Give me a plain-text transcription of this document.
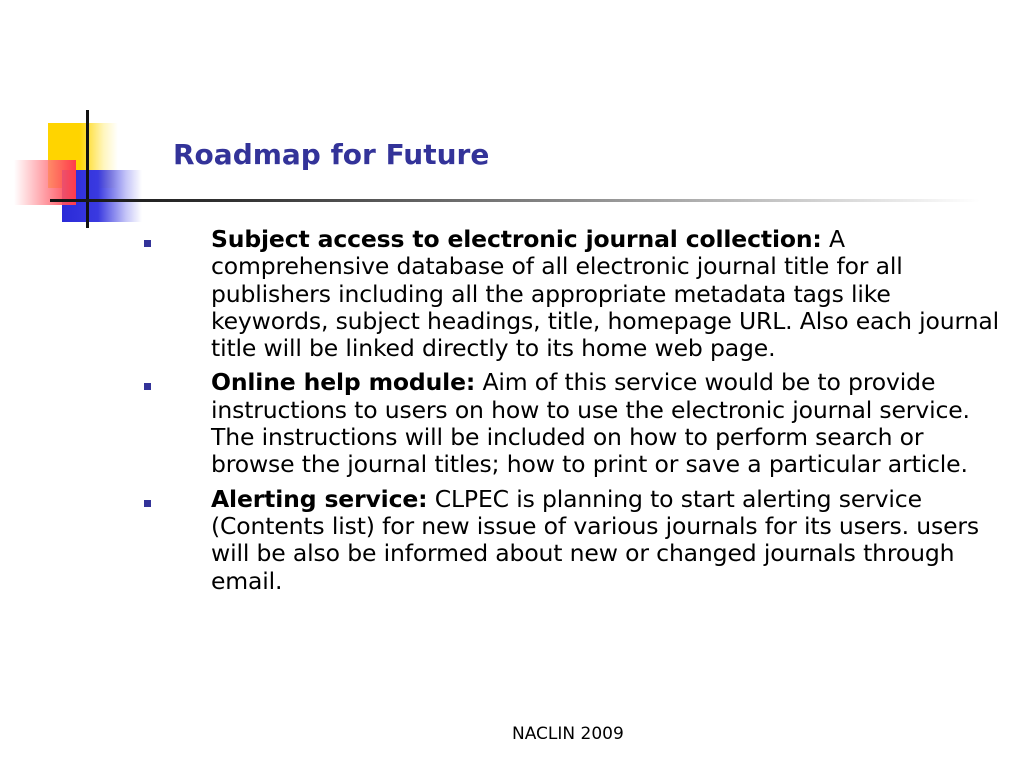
Roadmap for Future

Subject access to electronic journal collection: A comprehensive database of all electronic journal title for all publishers including all the appropriate metadata tags like keywords, subject headings, title, homepage URL. Also each journal title will be linked directly to its home web page.

Online help module: Aim of this service would be to provide instructions to users on how to use the electronic journal service. The instructions will be included on how to perform search or browse the journal titles; how to print or save a particular article.

Alerting service: CLPEC is planning to start alerting service (Contents list) for new issue of various journals for its users. users will be also be informed about new or changed journals through email.

NACLIN 2009
